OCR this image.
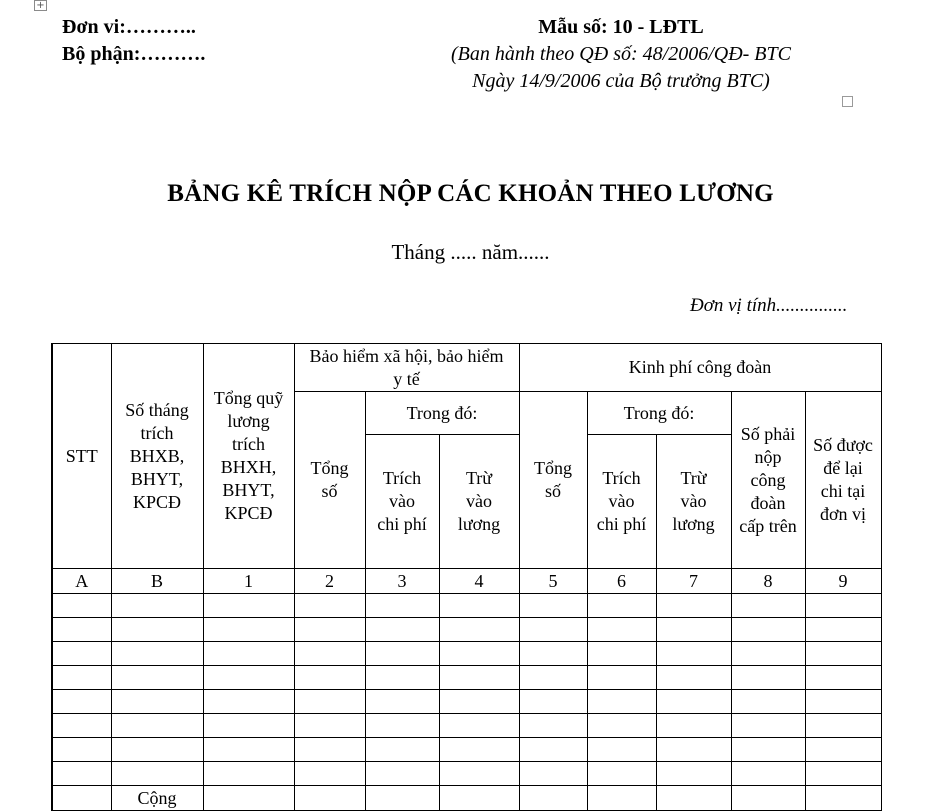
+
Đơn vi:………..
Bộ phận:……….
Mẫu số: 10 - LĐTL
(Ban hành theo QĐ số: 48/2006/QĐ- BTC
Ngày 14/9/2006 của Bộ trưởng BTC)
BẢNG KÊ TRÍCH NỘP CÁC KHOẢN THEO LƯƠNG
Tháng ..... năm......
Đơn vị tính...............
STT	Số tháng trích BHXB, BHYT, KPCĐ	Tổng quỹ lương trích BHXH, BHYT, KPCĐ	Bảo hiểm xã hội, bảo hiểm y tế			Kinh phí công đoàn				
			Tổng số	Trong đó:		Tổng số	Trong đó:		Số phải nộp công đoàn cấp trên	Số được để lại chi tại đơn vị
				Trích vào chi phí	Trừ vào lương		Trích vào chi phí	Trừ vào lương		
A	B	1	2	3	4	5	6	7	8	9

	Cộng									
